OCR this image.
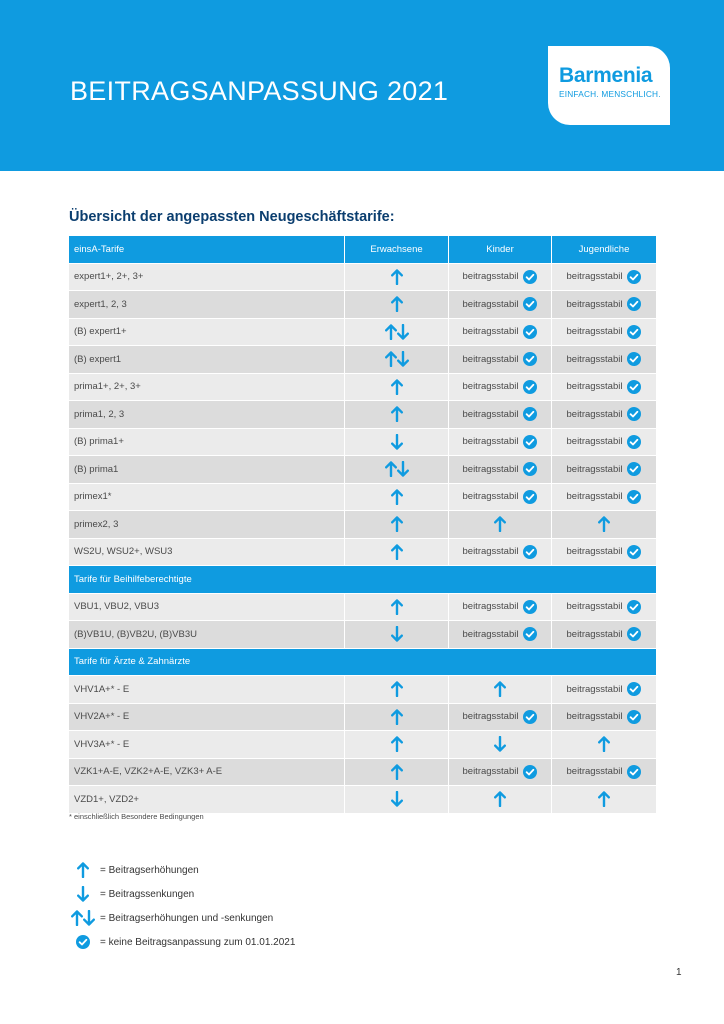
BEITRAGSANPASSUNG 2021
Barmenia
EINFACH. MENSCHLICH.
Übersicht der angepassten Neugeschäftstarife:
einsA-Tarife	Erwachsene	Kinder	Jugendliche
expert1+, 2+, 3+		beitragsstabil	beitragsstabil

expert1, 2, 3		beitragsstabil	beitragsstabil

(B) expert1+		beitragsstabil	beitragsstabil

(B) expert1		beitragsstabil	beitragsstabil

prima1+, 2+, 3+		beitragsstabil	beitragsstabil

prima1, 2, 3		beitragsstabil	beitragsstabil

(B) prima1+		beitragsstabil	beitragsstabil

(B) prima1		beitragsstabil	beitragsstabil

primex1*		beitragsstabil	beitragsstabil

primex2, 3			
WS2U, WSU2+, WSU3		beitragsstabil	beitragsstabil

Tarife für Beihilfeberechtigte			
VBU1, VBU2, VBU3		beitragsstabil	beitragsstabil

(B)VB1U, (B)VB2U, (B)VB3U		beitragsstabil	beitragsstabil

Tarife für Ärzte & Zahnärzte			
VHV1A+* - E			beitragsstabil

VHV2A+* - E		beitragsstabil	beitragsstabil

VHV3A+* - E			
VZK1+A-E, VZK2+A-E, VZK3+ A-E		beitragsstabil	beitragsstabil

VZD1+, VZD2+			
* einschließlich Besondere Bedingungen
= Beitragserhöhungen
= Beitragssenkungen
= Beitragserhöhungen und -senkungen
= keine Beitragsanpassung zum 01.01.2021
1
